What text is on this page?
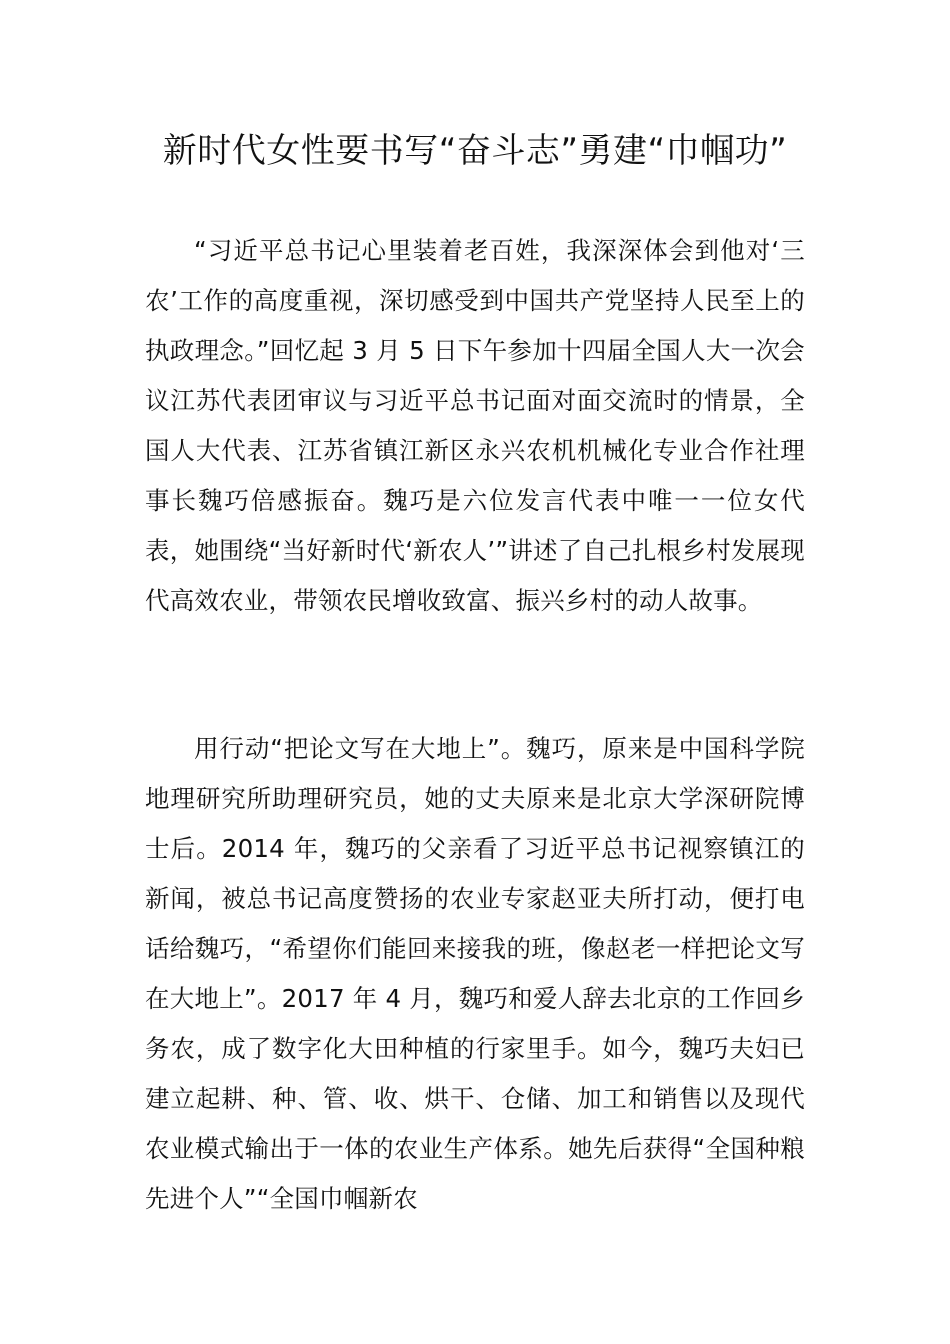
新时代女性要书写“奋斗志”勇建“巾帼功”

“习近平总书记心里装着老百姓，我深深体会到他对‘三农’工作的高度重视，深切感受到中国共产党坚持人民至上的执政理念。”回忆起 3 月 5 日下午参加十四届全国人大一次会议江苏代表团审议与习近平总书记面对面交流时的情景，全国人大代表、江苏省镇江新区永兴农机机械化专业合作社理事长魏巧倍感振奋。魏巧是六位发言代表中唯一一位女代表，她围绕“当好新时代‘新农人’”讲述了自己扎根乡村发展现代高效农业，带领农民增收致富、振兴乡村的动人故事。

用行动“把论文写在大地上”。魏巧，原来是中国科学院地理研究所助理研究员，她的丈夫原来是北京大学深研院博士后。2014 年，魏巧的父亲看了习近平总书记视察镇江的新闻，被总书记高度赞扬的农业专家赵亚夫所打动，便打电话给魏巧，“希望你们能回来接我的班，像赵老一样把论文写在大地上”。2017 年 4 月，魏巧和爱人辞去北京的工作回乡务农，成了数字化大田种植的行家里手。如今，魏巧夫妇已建立起耕、种、管、收、烘干、仓储、加工和销售以及现代农业模式输出于一体的农业生产体系。她先后获得“全国种粮先进个人”“全国巾帼新农
